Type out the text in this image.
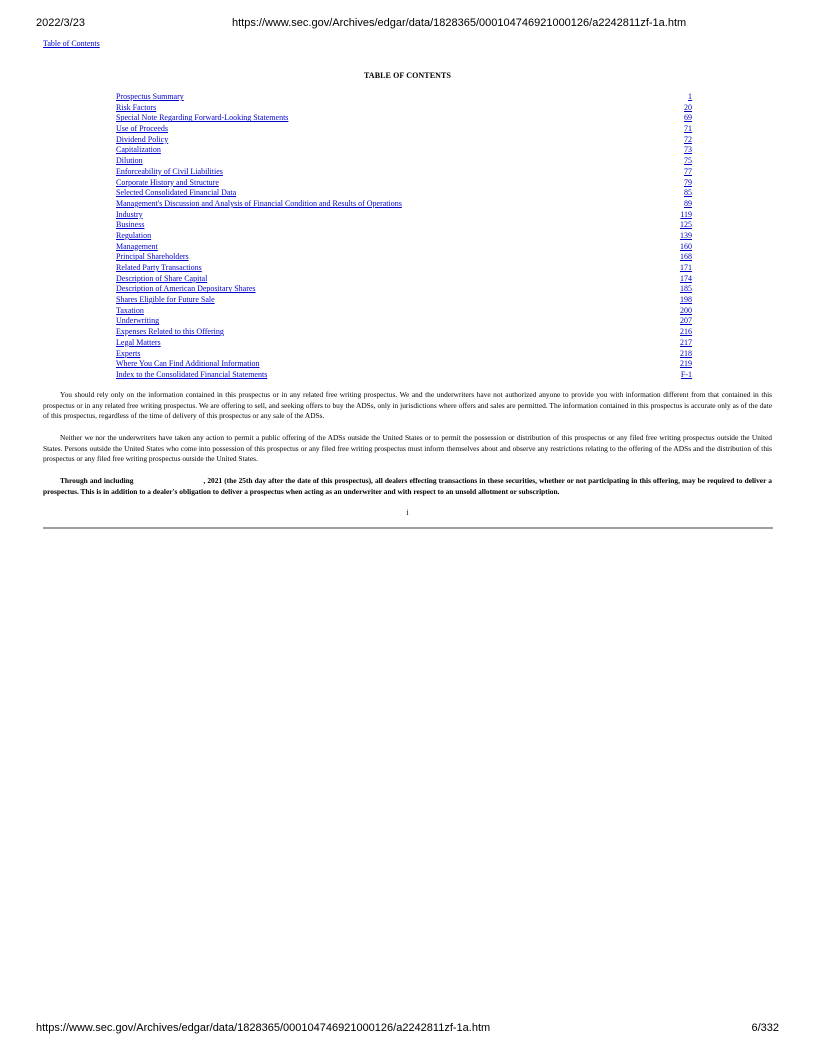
2022/3/23	https://www.sec.gov/Archives/edgar/data/1828365/000104746921000126/a2242811zf-1a.htm
Table of Contents
TABLE OF CONTENTS
Prospectus Summary	1
Risk Factors	20
Special Note Regarding Forward-Looking Statements	69
Use of Proceeds	71
Dividend Policy	72
Capitalization	73
Dilution	75
Enforceability of Civil Liabilities	77
Corporate History and Structure	79
Selected Consolidated Financial Data	85
Management's Discussion and Analysis of Financial Condition and Results of Operations	89
Industry	119
Business	125
Regulation	139
Management	160
Principal Shareholders	168
Related Party Transactions	171
Description of Share Capital	174
Description of American Depositary Shares	185
Shares Eligible for Future Sale	198
Taxation	200
Underwriting	207
Expenses Related to this Offering	216
Legal Matters	217
Experts	218
Where You Can Find Additional Information	219
Index to the Consolidated Financial Statements	F-1

You should rely only on the information contained in this prospectus or in any related free writing prospectus. We and the underwriters have not authorized anyone to provide you with information different from that contained in this prospectus or in any related free writing prospectus. We are offering to sell, and seeking offers to buy the ADSs, only in jurisdictions where offers and sales are permitted. The information contained in this prospectus is accurate only as of the date of this prospectus, regardless of the time of delivery of this prospectus or any sale of the ADSs.

Neither we nor the underwriters have taken any action to permit a public offering of the ADSs outside the United States or to permit the possession or distribution of this prospectus or any filed free writing prospectus outside the United States. Persons outside the United States who come into possession of this prospectus or any filed free writing prospectus must inform themselves about and observe any restrictions relating to the offering of the ADSs and the distribution of this prospectus or any filed free writing prospectus outside the United States.

Through and including	, 2021 (the 25th day after the date of this prospectus), all dealers effecting transactions in these securities, whether or not participating in this offering, may be required to deliver a prospectus. This is in addition to a dealer's obligation to deliver a prospectus when acting as an underwriter and with respect to an unsold allotment or subscription.

i
https://www.sec.gov/Archives/edgar/data/1828365/000104746921000126/a2242811zf-1a.htm	6/332
